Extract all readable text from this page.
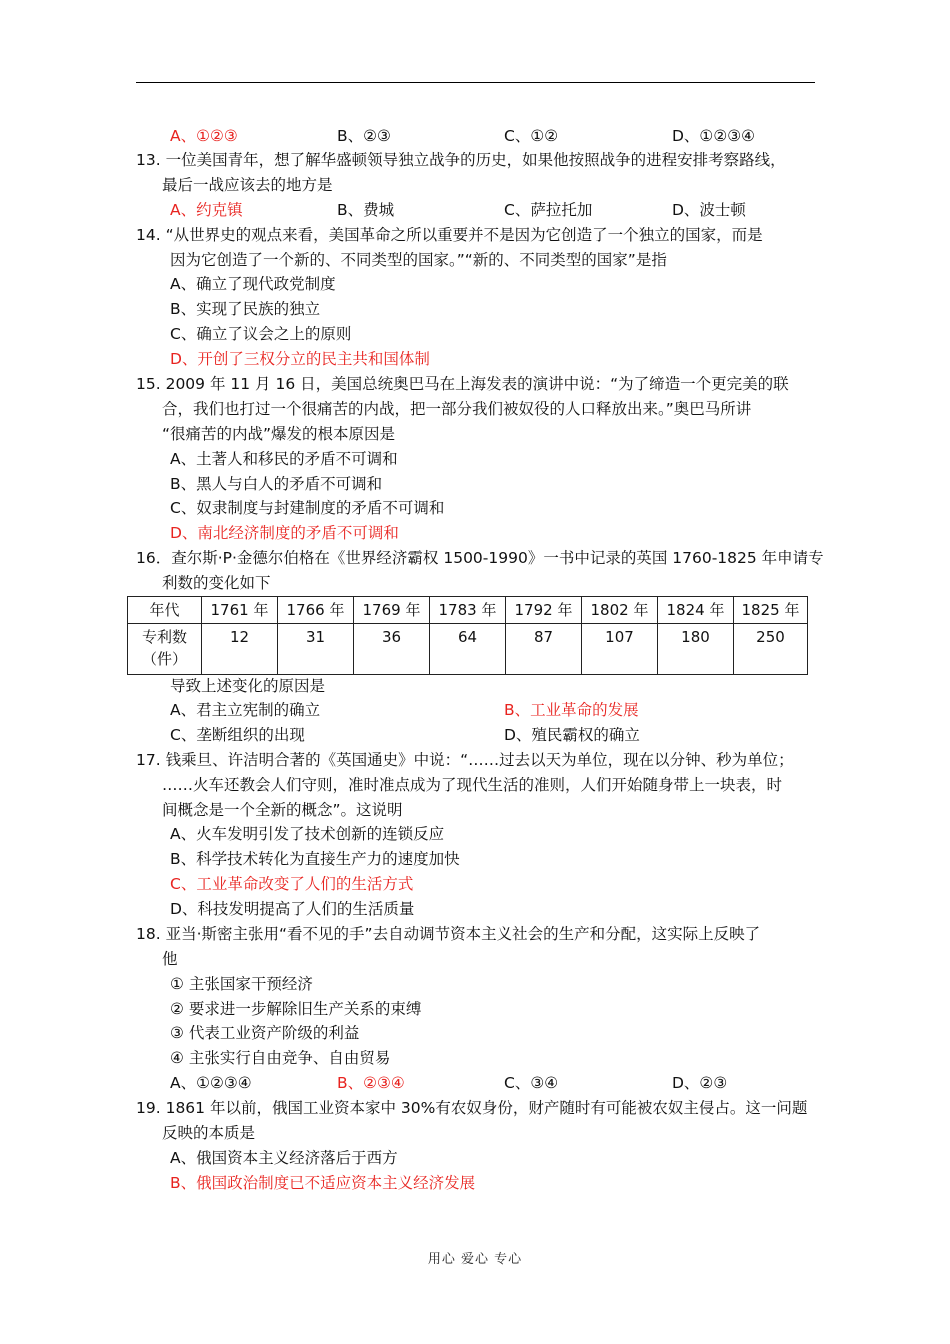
A、①②③	B、②③	C、①②	D、①②③④
13. 一位美国青年，想了解华盛顿领导独立战争的历史，如果他按照战争的进程安排考察路线，
最后一战应该去的地方是
A、约克镇	B、费城	C、萨拉托加	D、波士顿
14. “从世界史的观点来看，美国革命之所以重要并不是因为它创造了一个独立的国家，而是
因为它创造了一个新的、不同类型的国家。”“新的、不同类型的国家”是指
A、确立了现代政党制度
B、实现了民族的独立
C、确立了议会之上的原则
D、开创了三权分立的民主共和国体制
15. 2009 年 11 月 16 日，美国总统奥巴马在上海发表的演讲中说：“为了缔造一个更完美的联
合，我们也打过一个很痛苦的内战，把一部分我们被奴役的人口释放出来。”奥巴马所讲
“很痛苦的内战”爆发的根本原因是
A、土著人和移民的矛盾不可调和
B、黑人与白人的矛盾不可调和
C、奴隶制度与封建制度的矛盾不可调和
D、南北经济制度的矛盾不可调和
16．查尔斯·P·金德尔伯格在《世界经济霸权 1500-1990》一书中记录的英国 1760-1825 年申请专
利数的变化如下
年代	1761 年	1766 年	1769 年	1783 年	1792 年	1802 年	1824 年	1825 年

专利数
（件）	12	31	36	64	87	107	180	250
导致上述变化的原因是
A、君主立宪制的确立	B、工业革命的发展
C、垄断组织的出现	D、殖民霸权的确立
17. 钱乘旦、许洁明合著的《英国通史》中说：“……过去以天为单位，现在以分钟、秒为单位；
……火车还教会人们守则，准时准点成为了现代生活的准则，人们开始随身带上一块表，时
间概念是一个全新的概念”。这说明
A、火车发明引发了技术创新的连锁反应
B、科学技术转化为直接生产力的速度加快
C、工业革命改变了人们的生活方式
D、科技发明提高了人们的生活质量
18. 亚当·斯密主张用“看不见的手”去自动调节资本主义社会的生产和分配，这实际上反映了
他
① 主张国家干预经济
② 要求进一步解除旧生产关系的束缚
③ 代表工业资产阶级的利益
④ 主张实行自由竞争、自由贸易
A、①②③④	B、②③④	C、③④	D、②③
19. 1861 年以前，俄国工业资本家中 30%有农奴身份，财产随时有可能被农奴主侵占。这一问题
反映的本质是
A、俄国资本主义经济落后于西方
B、俄国政治制度已不适应资本主义经济发展
用心 爱心 专心
